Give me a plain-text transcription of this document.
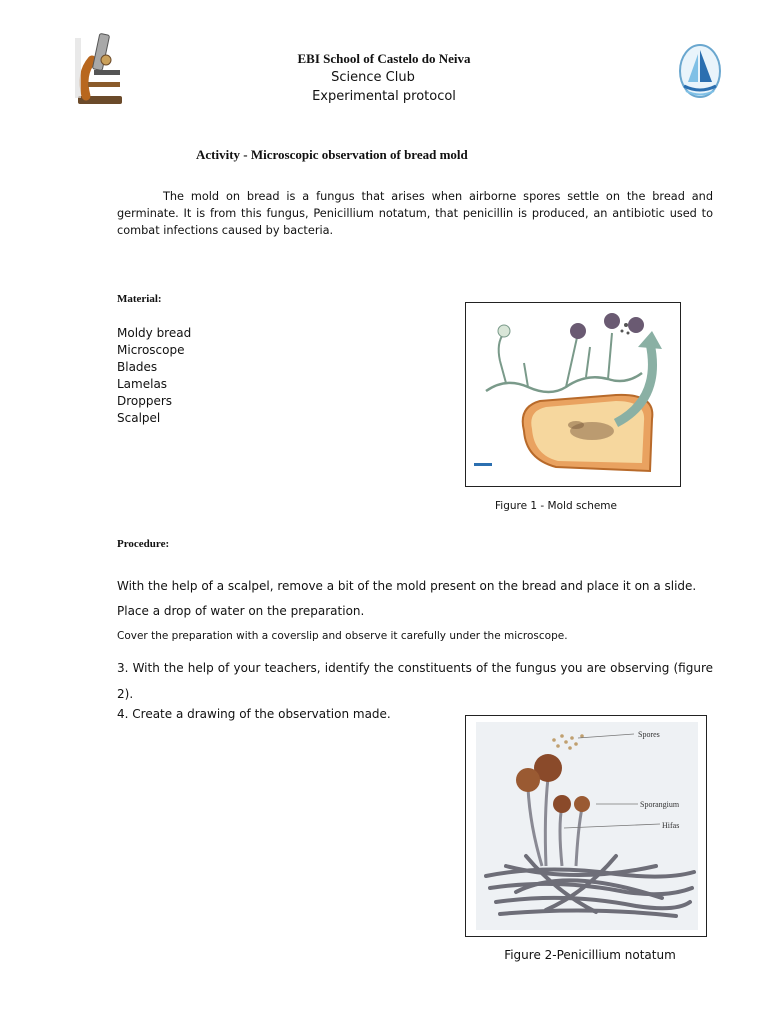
EBI School of Castelo do Neiva
Science Club
Experimental protocol
Activity - Microscopic observation of bread mold

The mold on bread is a fungus that arises when airborne spores settle on the bread and germinate. It is from this fungus, Penicillium notatum, that penicillin is produced, an antibiotic used to combat infections caused by bacteria.

Material:
Moldy bread
Microscope
Blades
Lamelas
Droppers
Scalpel
Figure 1 - Mold scheme
Procedure:
With the help of a scalpel, remove a bit of the mold present on the bread and place it on a slide.
Place a drop of water on the preparation.
Cover the preparation with a coverslip and observe it carefully under the microscope.
3. With the help of your teachers, identify the constituents of the fungus you are observing (figure 2).
4. Create a drawing of the observation made.
Spores
Sporangium
Hifas
Figure 2-Penicillium notatum
